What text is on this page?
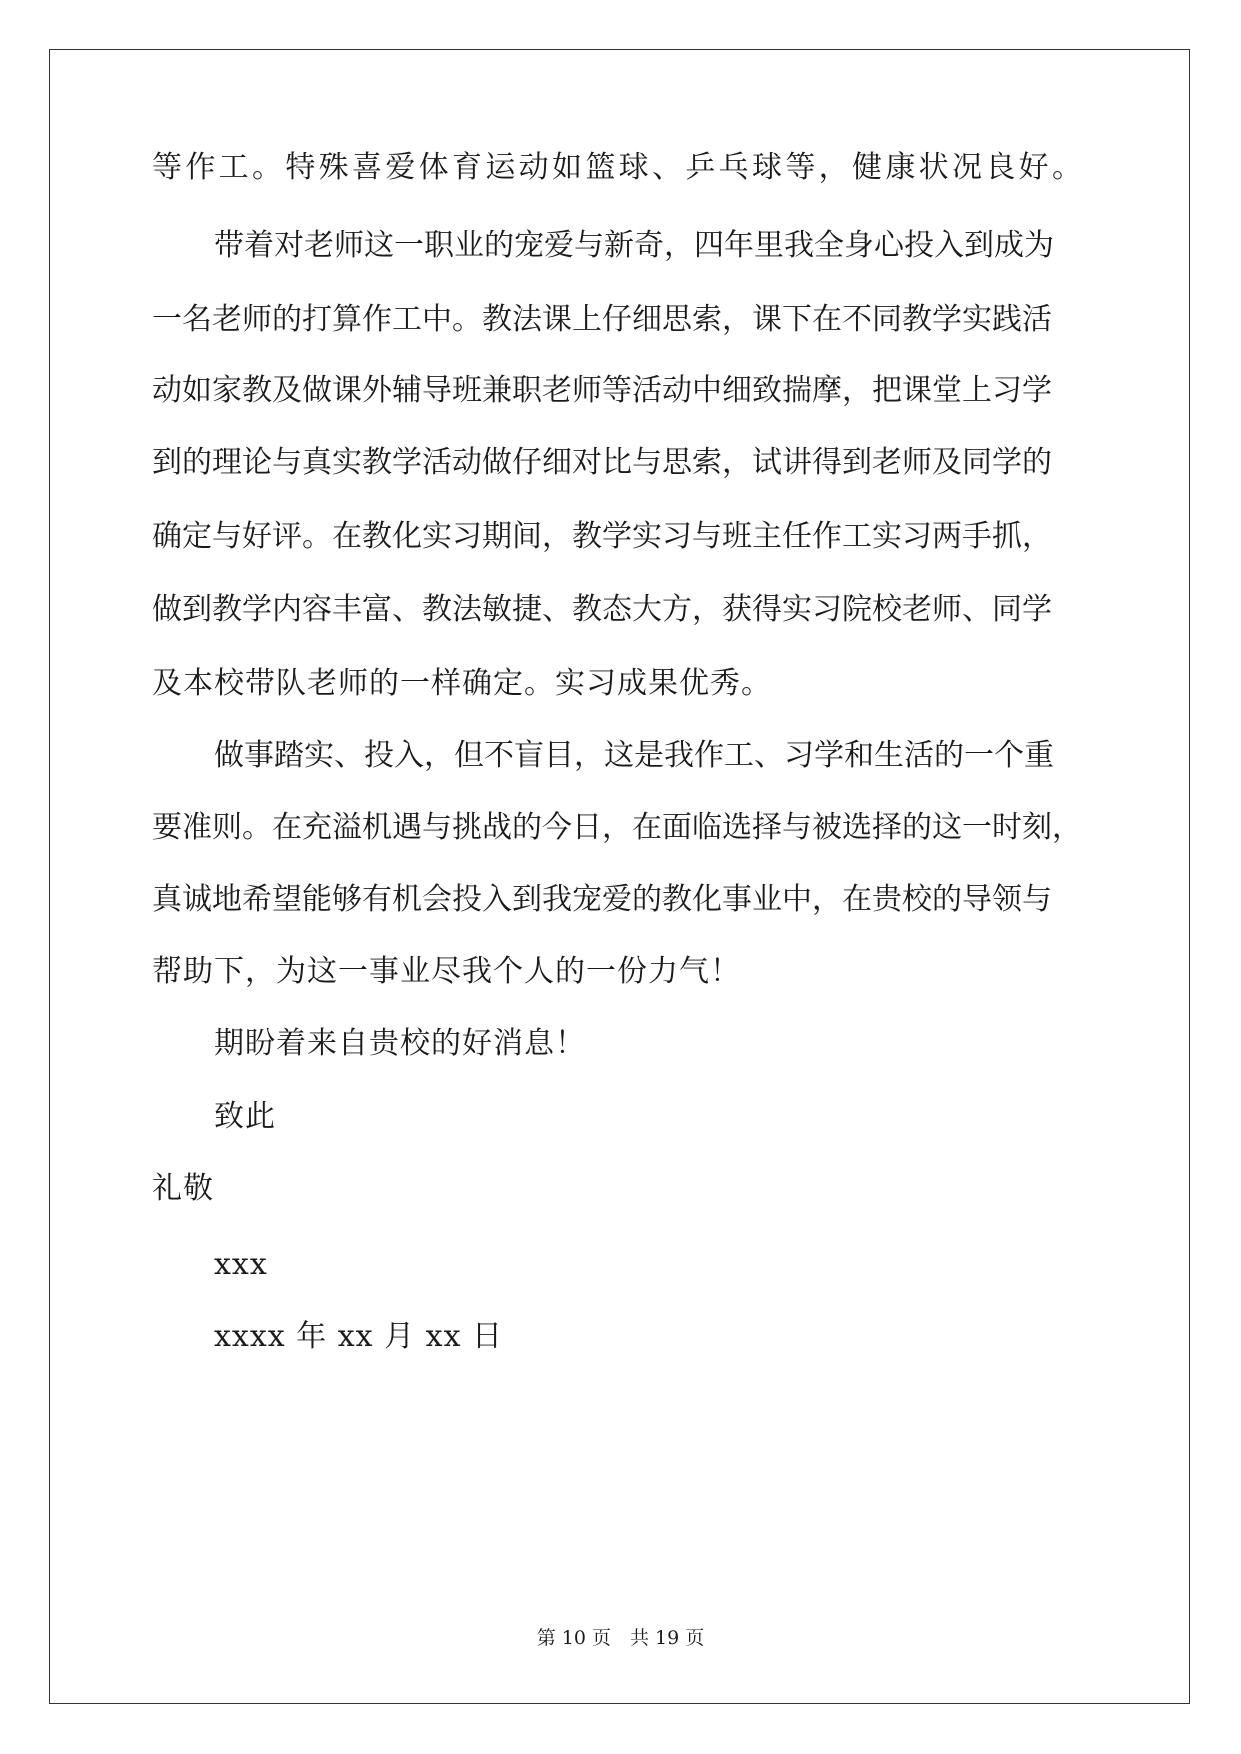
等作工。特殊喜爱体育运动如篮球、乒乓球等，健康状况良好。
带着对老师这一职业的宠爱与新奇，四年里我全身心投入到成为
一名老师的打算作工中。教法课上仔细思索，课下在不同教学实践活
动如家教及做课外辅导班兼职老师等活动中细致揣摩，把课堂上习学
到的理论与真实教学活动做仔细对比与思索，试讲得到老师及同学的
确定与好评。在教化实习期间，教学实习与班主任作工实习两手抓，
做到教学内容丰富、教法敏捷、教态大方，获得实习院校老师、同学
及本校带队老师的一样确定。实习成果优秀。
做事踏实、投入，但不盲目，这是我作工、习学和生活的一个重
要准则。在充溢机遇与挑战的今日，在面临选择与被选择的这一时刻，
真诚地希望能够有机会投入到我宠爱的教化事业中，在贵校的导领与
帮助下，为这一事业尽我个人的一份力气！
期盼着来自贵校的好消息！
致此
礼敬
xxx
xxxx 年 xx 月 xx 日
第 10 页　共 19 页
